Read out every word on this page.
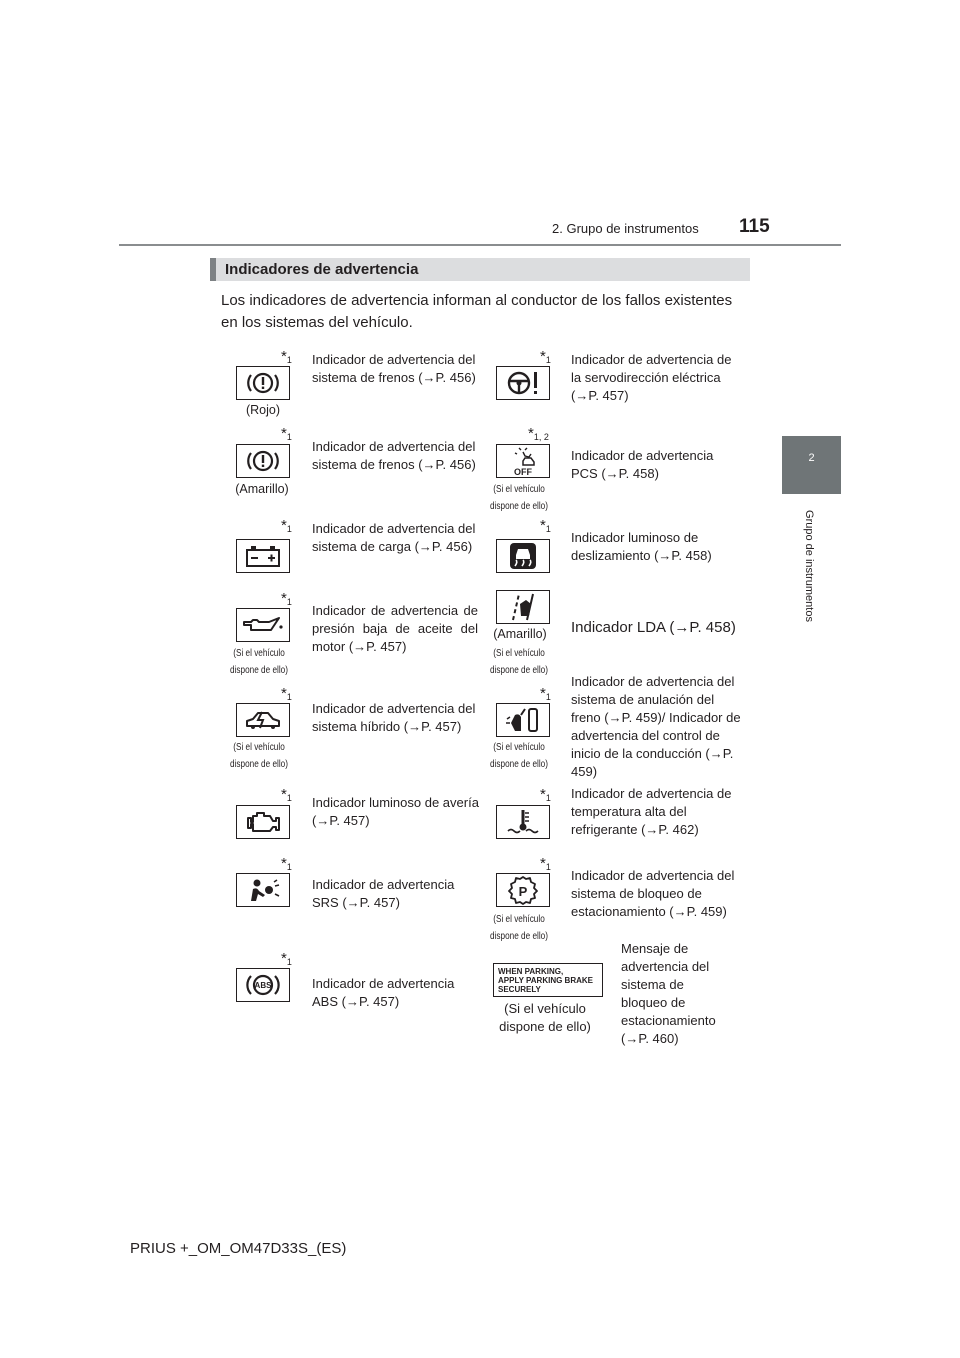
2. Grupo de instrumentos 115
2
Grupo de instrumentos
Indicadores de advertencia
Los indicadores de advertencia informan al conductor de los fallos existentes en los sistemas del vehículo.
$*_1$
(Rojo)
Indicador de advertencia del sistema de frenos (→P. 456)
$*_1$
(Amarillo)
Indicador de advertencia del sistema de frenos (→P. 456)
$*_1$ Indicador de advertencia del sistema de carga (→P. 456)
$*_1$
(Si el vehículo dispone de ello)
Indicador de advertencia de presión baja de aceite del motor (→P. 457)
$*_1$
(Si el vehículo dispone de ello)
Indicador de advertencia del sistema híbrido (→P. 457)
$*_1$ Indicador luminoso de avería (→P. 457)
$*_1$
Indicador de advertencia SRS (→P. 457)
$*_1$
ABS	Indicador de advertencia ABS (→P. 457)
$*_1$ Indicador de advertencia de la servodirección eléctrica (→P. 457)
$*_{1, 2}$
OFF
(Si el vehículo dispone de ello)
Indicador de advertencia PCS (→P. 458)
$*_1$
Indicador luminoso de deslizamiento (→P. 458)
(Amarillo)
(Si el vehículo dispone de ello)
Indicador LDA (→P. 458)
$*_1$
(Si el vehículo dispone de ello)
Indicador de advertencia del sistema de anulación del freno (→P. 459)/ Indicador de advertencia del control de inicio de la conducción (→P. 459)
$*_1$ Indicador de advertencia de temperatura alta del refrigerante (→P. 462)
$*_1$
P
(Si el vehículo dispone de ello)
Indicador de advertencia del sistema de bloqueo de estacionamiento (→P. 459)
WHEN PARKING,
APPLY PARKING BRAKE
SECURELY
(Si el vehículo dispone de ello)
Mensaje de advertencia del sistema de bloqueo de estacionamiento (→P. 460)
PRIUS +_OM_OM47D33S_(ES)
